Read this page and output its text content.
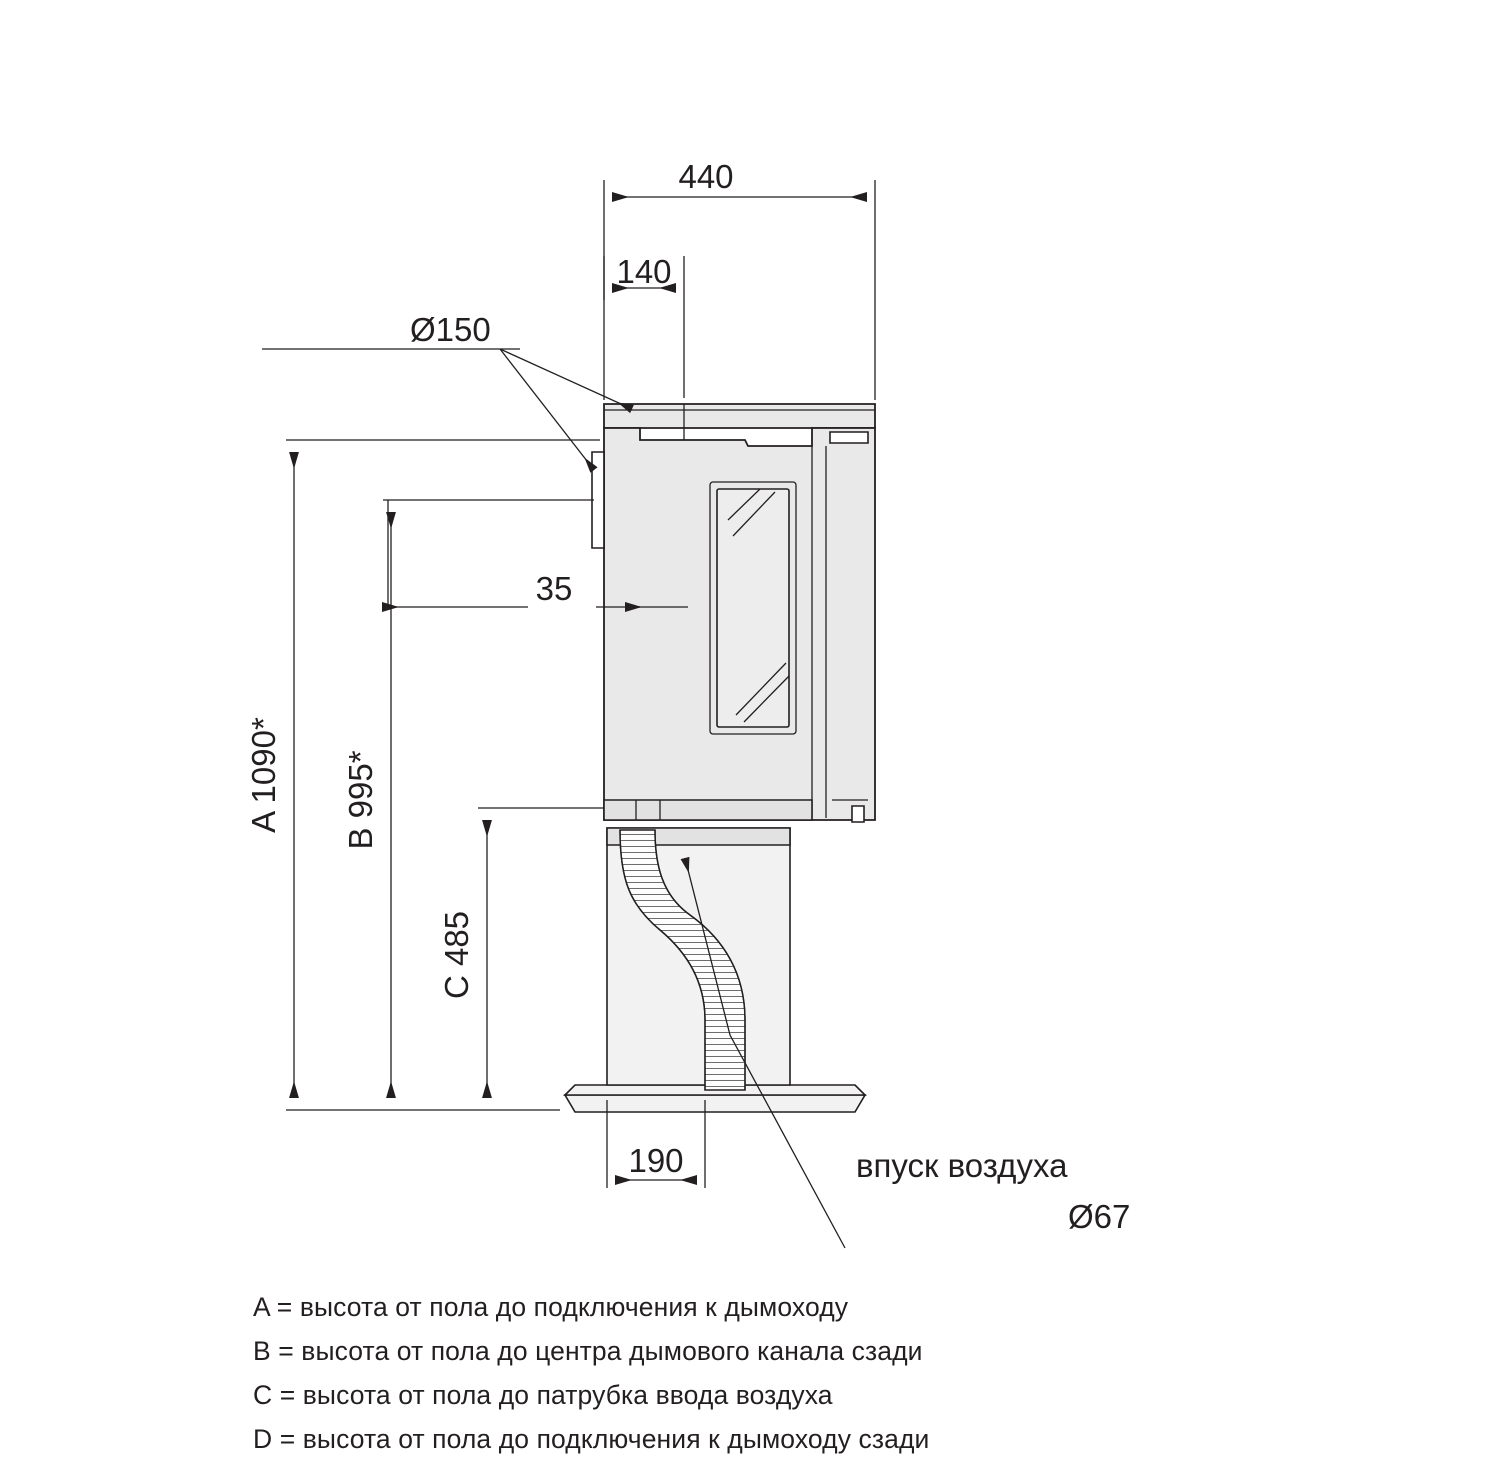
440
140
Ø150
35
A 1090* B 995*
C 485
190	впуск воздуха
Ø67
A = высота от пола до подключения к дымоходу
B = высота от пола до центра дымового канала сзади
C = высота от пола до патрубка ввода воздуха
D = высота от пола до подключения к дымоходу сзади
